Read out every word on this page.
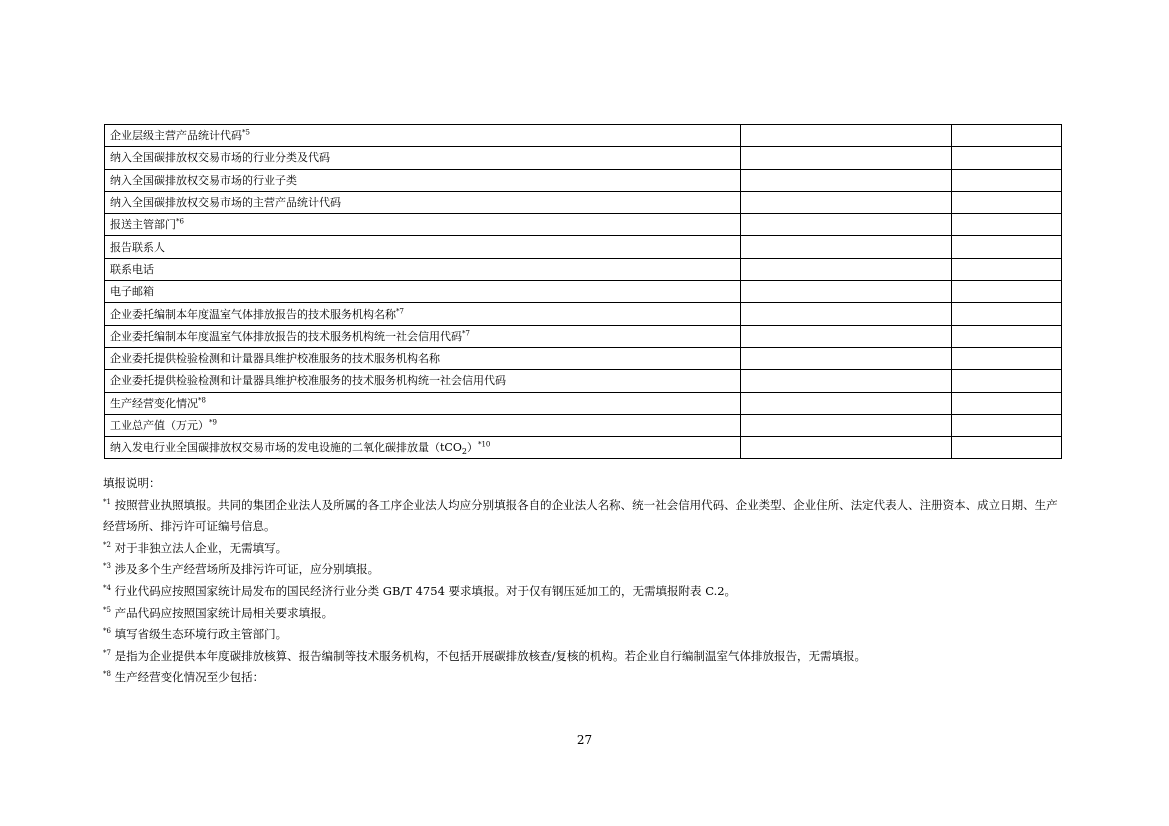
企业层级主营产品统计代码$^{*5}$		
纳入全国碳排放权交易市场的行业分类及代码		
纳入全国碳排放权交易市场的行业子类		
纳入全国碳排放权交易市场的主营产品统计代码		
报送主管部门$^{*6}$		
报告联系人		
联系电话		
电子邮箱		
企业委托编制本年度温室气体排放报告的技术服务机构名称$^{*7}$		
企业委托编制本年度温室气体排放报告的技术服务机构统一社会信用代码$^{*7}$		
企业委托提供检验检测和计量器具维护校准服务的技术服务机构名称		
企业委托提供检验检测和计量器具维护校准服务的技术服务机构统一社会信用代码		
生产经营变化情况$^{*8}$		
工业总产值（万元）$^{*9}$		
纳入发电行业全国碳排放权交易市场的发电设施的二氧化碳排放量$(tCO_2)^{*10}$		

填报说明：

$^{*1}$ 按照营业执照填报。共同的集团企业法人及所属的各工序企业法人均应分别填报各自的企业法人名称、统一社会信用代码、企业类型、企业住所、法定代表人、注册资本、成立日期、生产经营场所、排污许可证编号信息。

$^{*2}$ 对于非独立法人企业，无需填写。

$^{*3}$ 涉及多个生产经营场所及排污许可证，应分别填报。

$^{*4}$ 行业代码应按照国家统计局发布的国民经济行业分类 GB/T 4754 要求填报。对于仅有钢压延加工的，无需填报附表 C.2。

$^{*5}$ 产品代码应按照国家统计局相关要求填报。

$^{*6}$ 填写省级生态环境行政主管部门。

$^{*7}$ 是指为企业提供本年度碳排放核算、报告编制等技术服务机构，不包括开展碳排放核查/复核的机构。若企业自行编制温室气体排放报告，无需填报。

$^{*8}$ 生产经营变化情况至少包括：

27
